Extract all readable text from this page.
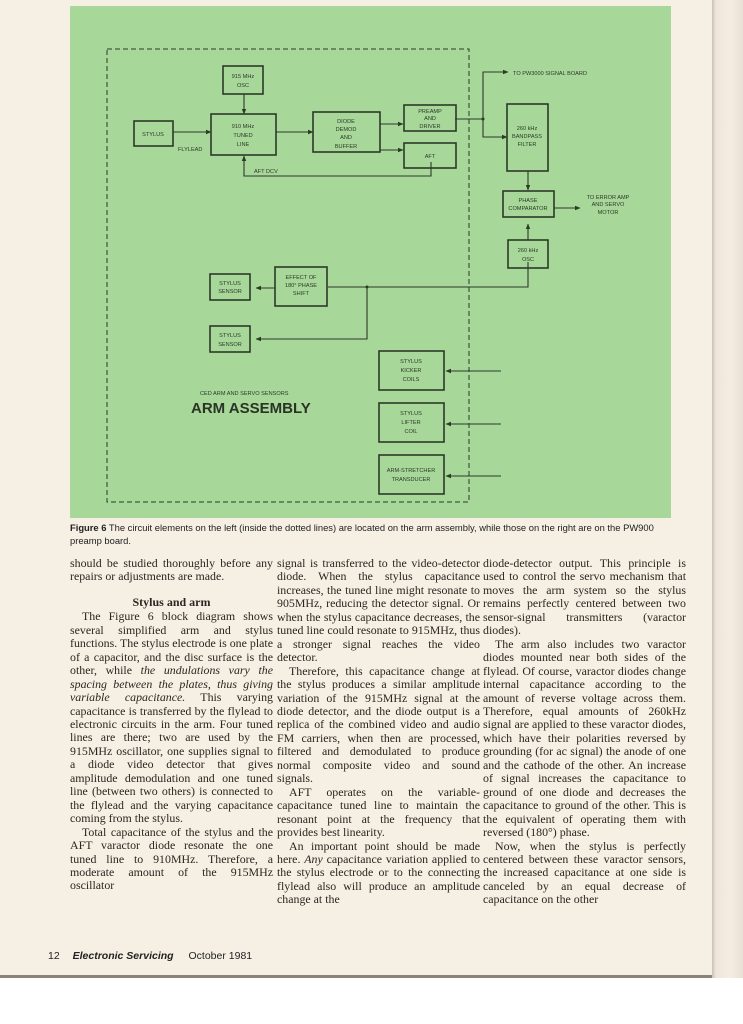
915 MHz
OSC
STYLUS
910 MHz
TUNED
LINE
DIODE
DEMOD
AND
BUFFER
PREAMP
AND
DRIVER
AFT
260 kHz
BANDPASS
FILTER
PHASE
COMPARATOR
260 kHz
OSC
STYLUS
SENSOR
EFFECT OF
180° PHASE
SHIFT
STYLUS
SENSOR
STYLUS
KICKER
COILS
STYLUS
LIFTER
COIL
ARM-STRETCHER
TRANSDUCER
FLYLEAD
AFT DCV
TO PW3000 SIGNAL BOARD
TO ERROR AMP
AND SERVO
MOTOR
CED ARM AND SERVO SENSORS
ARM ASSEMBLY
Figure 6 The circuit elements on the left (inside the dotted lines) are located on the arm assembly, while those on the right are on the PW900 preamp board.

should be studied thoroughly before any repairs or adjustments are made.

Stylus and arm

The Figure 6 block diagram shows several simplified arm and stylus functions. The stylus electrode is one plate of a capacitor, and the disc surface is the other, while the undulations vary the spacing between the plates, thus giving variable capacitance. This varying capacitance is transferred by the flylead to electronic circuits in the arm. Four tuned lines are there; two are used by the 915MHz oscillator, one supplies signal to a diode video detector that gives amplitude demodulation and one tuned line (between two others) is connected to the flylead and the varying capacitance coming from the stylus.

Total capacitance of the stylus and the AFT varactor diode resonate the one tuned line to 910MHz. Therefore, a moderate amount of the 915MHz oscillator

signal is transferred to the video-detector diode. When the stylus capacitance increases, the tuned line might resonate to 905MHz, reducing the detector signal. Or when the stylus capacitance decreases, the tuned line could resonate to 915MHz, thus a stronger signal reaches the video detector.

Therefore, this capacitance change at the stylus produces a similar amplitude variation of the 915MHz signal at the diode detector, and the diode output is a replica of the combined video and audio FM carriers, when then are processed, filtered and demodulated to produce normal composite video and sound signals.

AFT operates on the variable-capacitance tuned line to maintain the resonant point at the frequency that provides best linearity.

An important point should be made here. Any capacitance variation applied to the stylus electrode or to the connecting flylead also will produce an amplitude change at the

diode-detector output. This principle is used to control the servo mechanism that moves the arm system so the stylus remains perfectly centered between two sensor-signal transmitters (varactor diodes).

The arm also includes two varactor diodes mounted near both sides of the flylead. Of course, varactor diodes change internal capacitance according to the amount of reverse voltage across them. Therefore, equal amounts of 260kHz signal are applied to these varactor diodes, which have their polarities reversed by grounding (for ac signal) the anode of one and the cathode of the other. An increase of signal increases the capacitance to ground of one diode and decreases the capacitance to ground of the other. This is the equivalent of operating them with reversed (180°) phase.

Now, when the stylus is perfectly centered between these varactor sensors, the increased capacitance at one side is canceled by an equal decrease of capacitance on the other

12 Electronic Servicing October 1981
